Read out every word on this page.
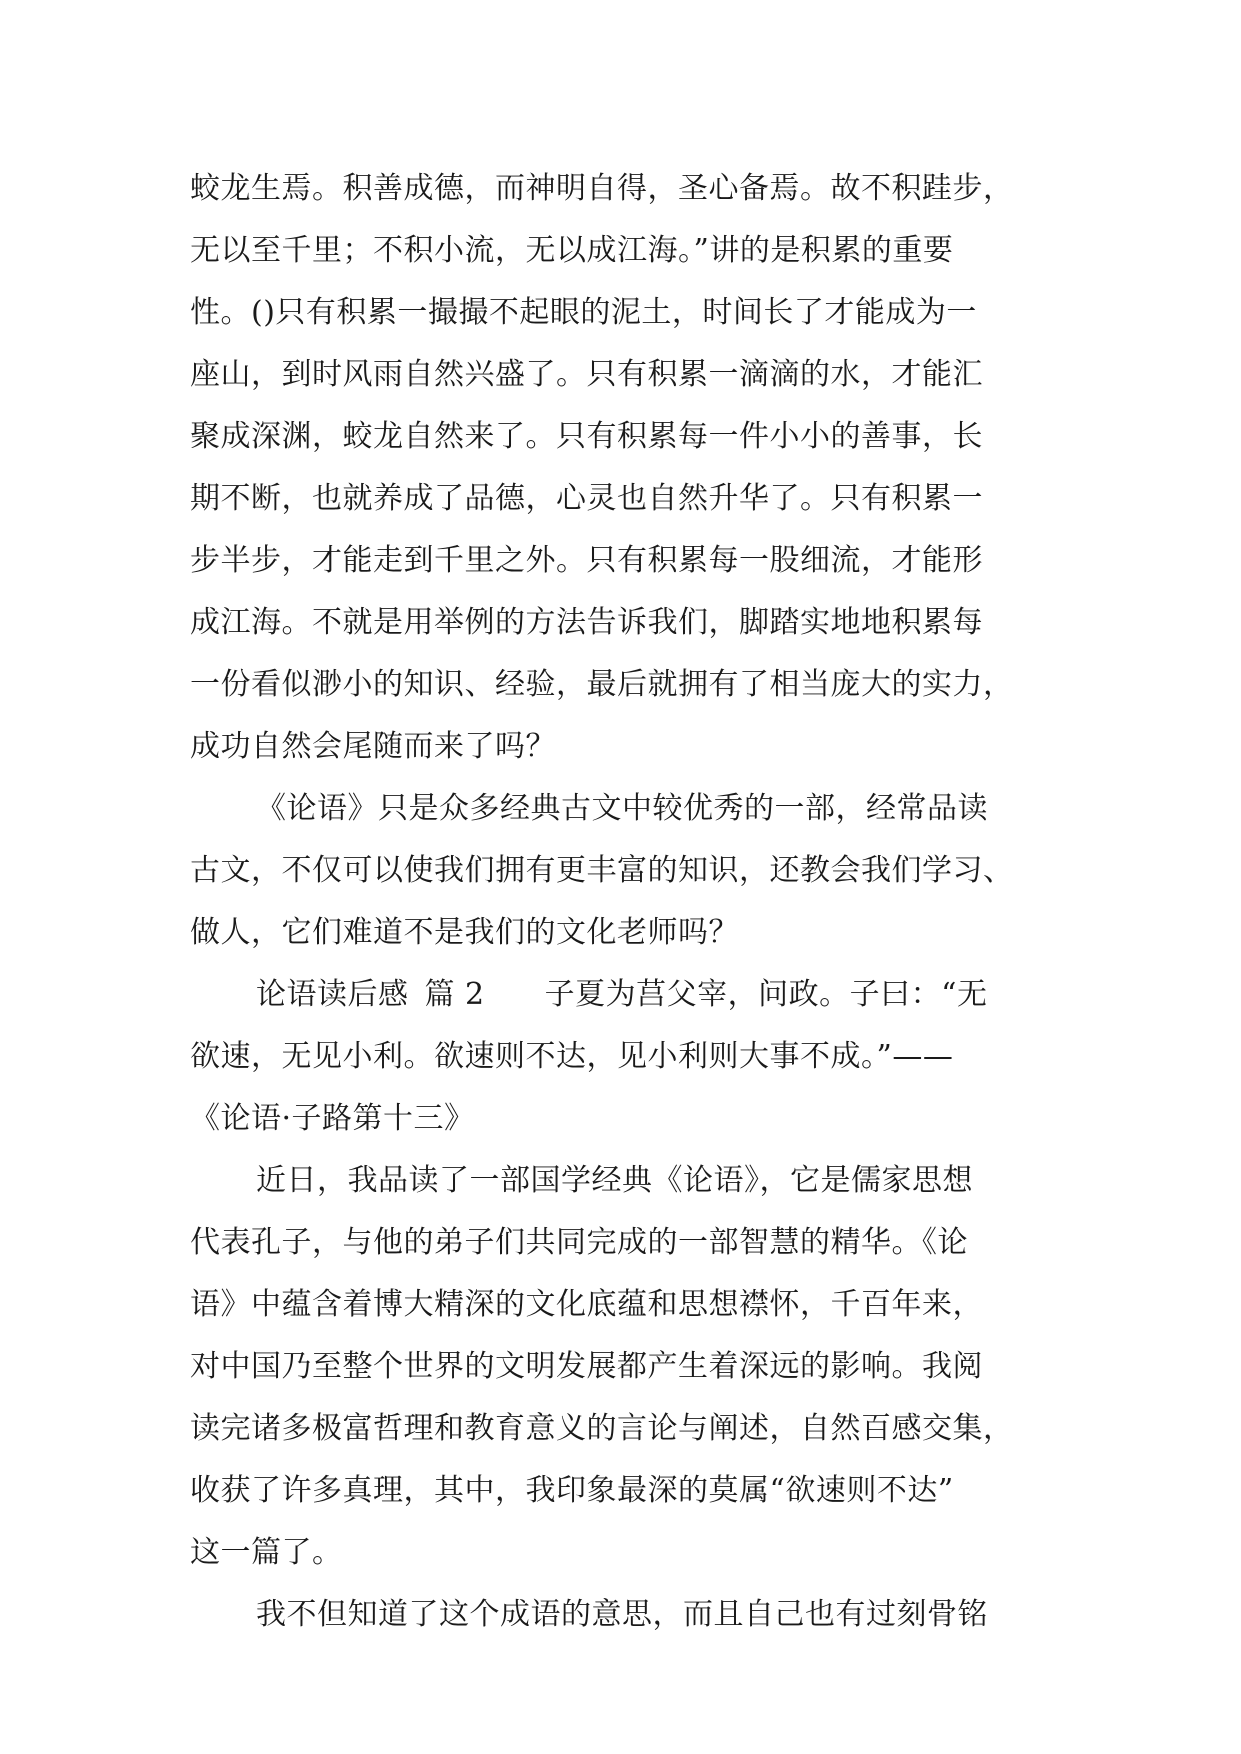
蛟龙生焉。积善成德，而神明自得，圣心备焉。故不积跬步，
无以至千里；不积小流，无以成江海。”讲的是积累的重要
性。()只有积累一撮撮不起眼的泥土，时间长了才能成为一
座山，到时风雨自然兴盛了。只有积累一滴滴的水，才能汇
聚成深渊，蛟龙自然来了。只有积累每一件小小的善事，长
期不断，也就养成了品德，心灵也自然升华了。只有积累一
步半步，才能走到千里之外。只有积累每一股细流，才能形
成江海。不就是用举例的方法告诉我们，脚踏实地地积累每
一份看似渺小的知识、经验，最后就拥有了相当庞大的实力，
成功自然会尾随而来了吗？
《论语》只是众多经典古文中较优秀的一部，经常品读
古文，不仅可以使我们拥有更丰富的知识，还教会我们学习、
做人，它们难道不是我们的文化老师吗？
论语读后感 篇 2 子夏为莒父宰，问政。子曰：“无
欲速，无见小利。欲速则不达，见小利则大事不成。”——
《论语·子路第十三》
近日，我品读了一部国学经典《论语》，它是儒家思想
代表孔子，与他的弟子们共同完成的一部智慧的精华。《论
语》中蕴含着博大精深的文化底蕴和思想襟怀，千百年来，
对中国乃至整个世界的文明发展都产生着深远的影响。我阅
读完诸多极富哲理和教育意义的言论与阐述，自然百感交集，
收获了许多真理，其中，我印象最深的莫属“欲速则不达”
这一篇了。
我不但知道了这个成语的意思，而且自己也有过刻骨铭
